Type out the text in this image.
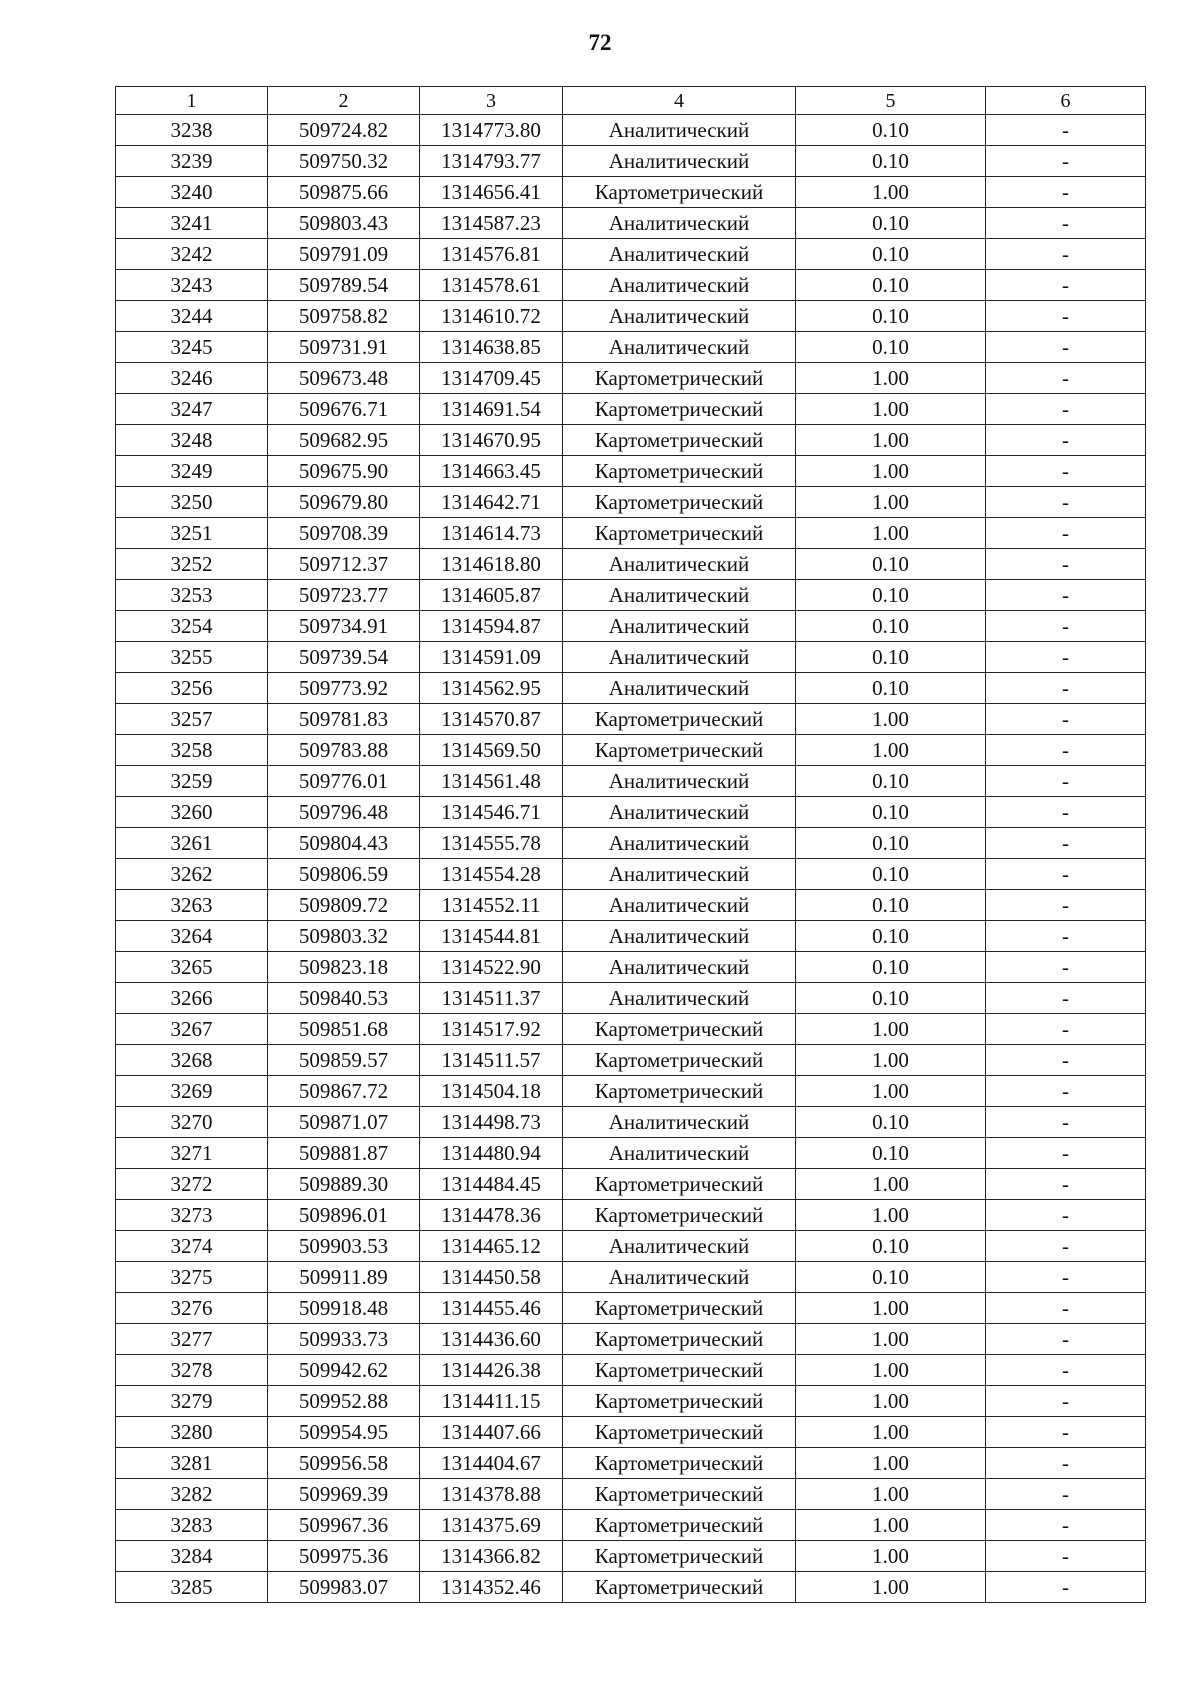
72
1	2	3	4	5	6
3238	509724.82	1314773.80	Аналитический	0.10	-
3239	509750.32	1314793.77	Аналитический	0.10	-
3240	509875.66	1314656.41	Картометрический	1.00	-
3241	509803.43	1314587.23	Аналитический	0.10	-
3242	509791.09	1314576.81	Аналитический	0.10	-
3243	509789.54	1314578.61	Аналитический	0.10	-
3244	509758.82	1314610.72	Аналитический	0.10	-
3245	509731.91	1314638.85	Аналитический	0.10	-
3246	509673.48	1314709.45	Картометрический	1.00	-
3247	509676.71	1314691.54	Картометрический	1.00	-
3248	509682.95	1314670.95	Картометрический	1.00	-
3249	509675.90	1314663.45	Картометрический	1.00	-
3250	509679.80	1314642.71	Картометрический	1.00	-
3251	509708.39	1314614.73	Картометрический	1.00	-
3252	509712.37	1314618.80	Аналитический	0.10	-
3253	509723.77	1314605.87	Аналитический	0.10	-
3254	509734.91	1314594.87	Аналитический	0.10	-
3255	509739.54	1314591.09	Аналитический	0.10	-
3256	509773.92	1314562.95	Аналитический	0.10	-
3257	509781.83	1314570.87	Картометрический	1.00	-
3258	509783.88	1314569.50	Картометрический	1.00	-
3259	509776.01	1314561.48	Аналитический	0.10	-
3260	509796.48	1314546.71	Аналитический	0.10	-
3261	509804.43	1314555.78	Аналитический	0.10	-
3262	509806.59	1314554.28	Аналитический	0.10	-
3263	509809.72	1314552.11	Аналитический	0.10	-
3264	509803.32	1314544.81	Аналитический	0.10	-
3265	509823.18	1314522.90	Аналитический	0.10	-
3266	509840.53	1314511.37	Аналитический	0.10	-
3267	509851.68	1314517.92	Картометрический	1.00	-
3268	509859.57	1314511.57	Картометрический	1.00	-
3269	509867.72	1314504.18	Картометрический	1.00	-
3270	509871.07	1314498.73	Аналитический	0.10	-
3271	509881.87	1314480.94	Аналитический	0.10	-
3272	509889.30	1314484.45	Картометрический	1.00	-
3273	509896.01	1314478.36	Картометрический	1.00	-
3274	509903.53	1314465.12	Аналитический	0.10	-
3275	509911.89	1314450.58	Аналитический	0.10	-
3276	509918.48	1314455.46	Картометрический	1.00	-
3277	509933.73	1314436.60	Картометрический	1.00	-
3278	509942.62	1314426.38	Картометрический	1.00	-
3279	509952.88	1314411.15	Картометрический	1.00	-
3280	509954.95	1314407.66	Картометрический	1.00	-
3281	509956.58	1314404.67	Картометрический	1.00	-
3282	509969.39	1314378.88	Картометрический	1.00	-
3283	509967.36	1314375.69	Картометрический	1.00	-
3284	509975.36	1314366.82	Картометрический	1.00	-
3285	509983.07	1314352.46	Картометрический	1.00	-
